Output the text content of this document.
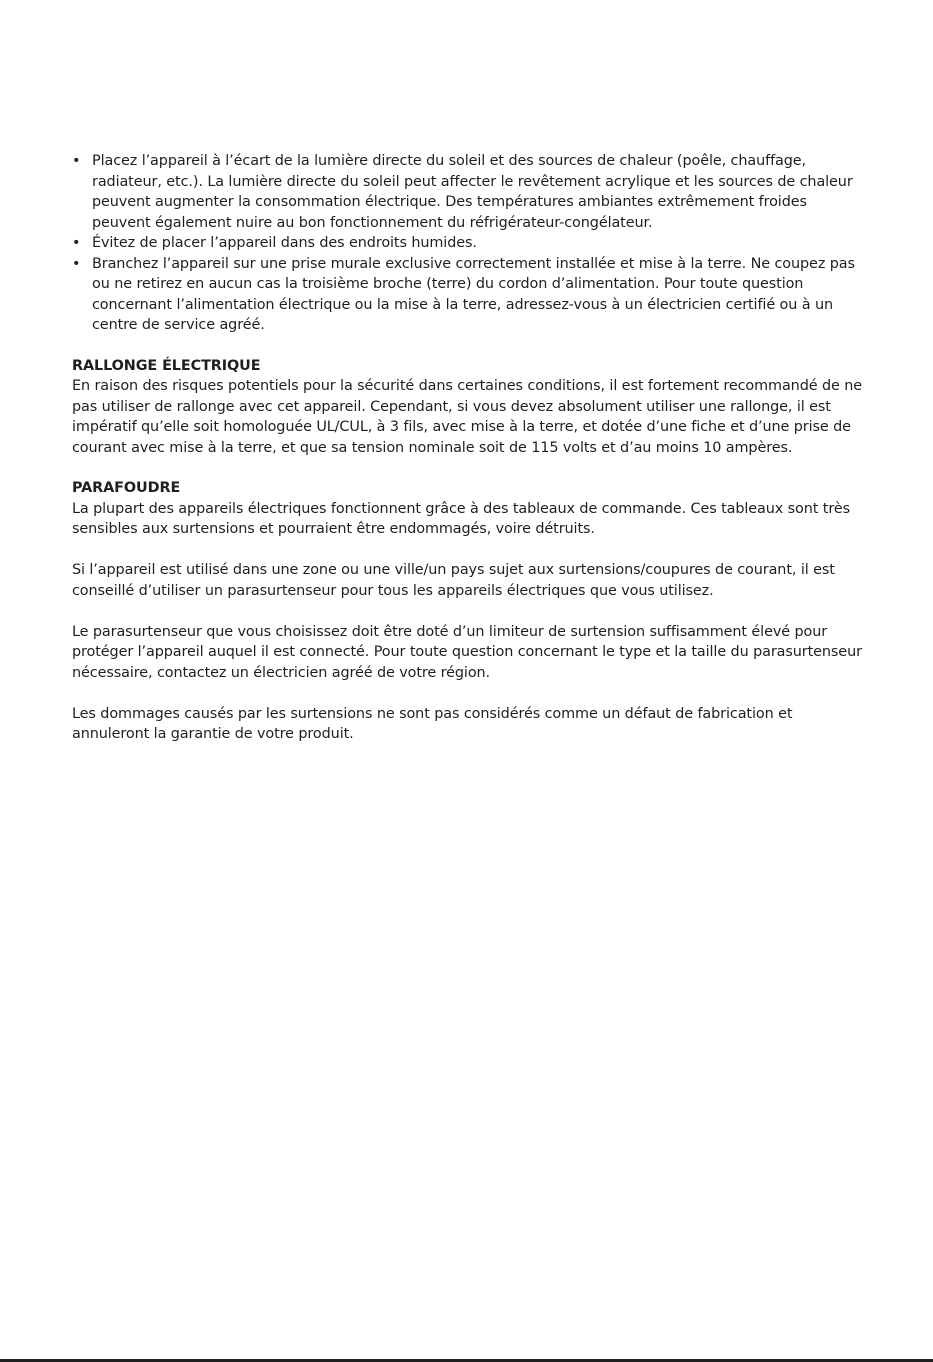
• Placez l’appareil à l’écart de la lumière directe du soleil et des sources de chaleur (poêle, chauffage, radiateur, etc.). La lumière directe du soleil peut affecter le revêtement acrylique et les sources de chaleur peuvent augmenter la consommation électrique. Des températures ambiantes extrêmement froides peuvent également nuire au bon fonctionnement du réfrigérateur-congélateur.
• Évitez de placer l’appareil dans des endroits humides.
• Branchez l’appareil sur une prise murale exclusive correctement installée et mise à la terre. Ne coupez pas ou ne retirez en aucun cas la troisième broche (terre) du cordon d’alimentation. Pour toute question concernant l’alimentation électrique ou la mise à la terre, adressez-vous à un électricien certifié ou à un centre de service agréé.
RALLONGE ÉLECTRIQUE

En raison des risques potentiels pour la sécurité dans certaines conditions, il est fortement recommandé de ne pas utiliser de rallonge avec cet appareil. Cependant, si vous devez absolument utiliser une rallonge, il est impératif qu’elle soit homologuée UL/CUL, à 3 fils, avec mise à la terre, et dotée d’une fiche et d’une prise de courant avec mise à la terre, et que sa tension nominale soit de 115 volts et d’au moins 10 ampères.

PARAFOUDRE

La plupart des appareils électriques fonctionnent grâce à des tableaux de commande. Ces tableaux sont très sensibles aux surtensions et pourraient être endommagés, voire détruits.

Si l’appareil est utilisé dans une zone ou une ville/un pays sujet aux surtensions/coupures de courant, il est conseillé d’utiliser un parasurtenseur pour tous les appareils électriques que vous utilisez.

Le parasurtenseur que vous choisissez doit être doté d’un limiteur de surtension suffisamment élevé pour protéger l’appareil auquel il est connecté. Pour toute question concernant le type et la taille du parasurtenseur nécessaire, contactez un électricien agréé de votre région.

Les dommages causés par les surtensions ne sont pas considérés comme un défaut de fabrication et annuleront la garantie de votre produit.
